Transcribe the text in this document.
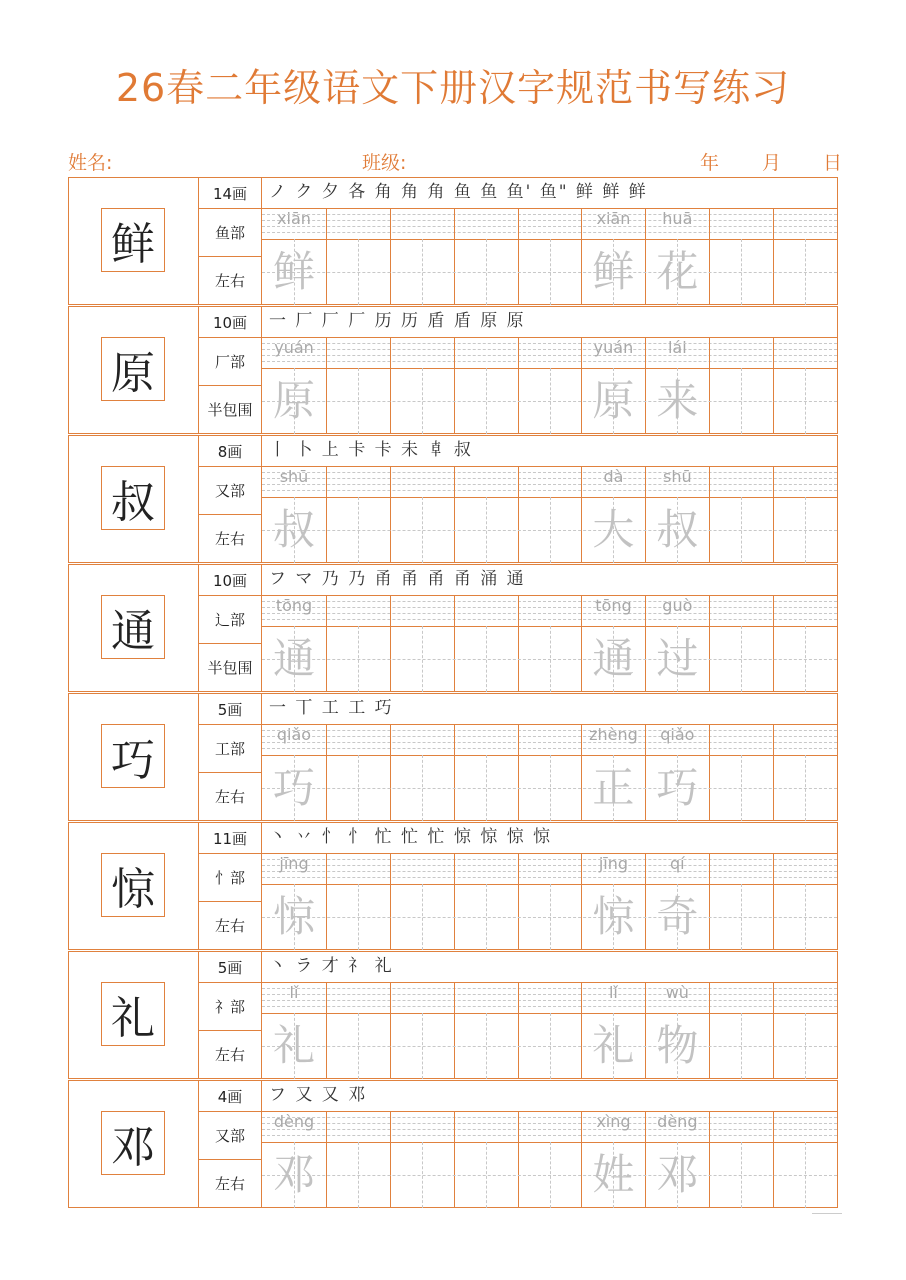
26春二年级语文下册汉字规范书写练习
姓名:	班级:	年 月 日
鲜
14画
鱼部
左右
ノ ク 夕 各 角 角 角 鱼 鱼 鱼' 鱼" 鲜 鲜 鲜
xiān
鲜
xiān
鲜
huā
花
原
10画
厂部
半包围
一 厂 厂 厂 历 历 盾 盾 原 原
yuán
原
yuán
原
lái
来
叔
8画
又部
左右
丨 卜 上 卡 卡 未 𠦝 叔
shū
叔
dà
大
shū
叔
通
10画
辶部
半包围
フ マ 乃 乃 甬 甬 甬 甬 涌 通
tōng
通
tōng
通
guò
过
巧
5画
工部
左右
一 丅 工 工 巧
qiǎo
巧
zhèng
正
qiǎo
巧
惊
11画
忄部
左右
丶 丷 忄 忄 忙 忙 忙 惊 惊 惊 惊
jīng
惊
jīng
惊
qí
奇
礼
5画
礻部
左右
丶 ラ 才 礻 礼
lǐ
礼
lǐ
礼
wù
物
邓
4画
又部
左右
フ 又 又 邓
dèng
邓
xìng
姓
dèng
邓
